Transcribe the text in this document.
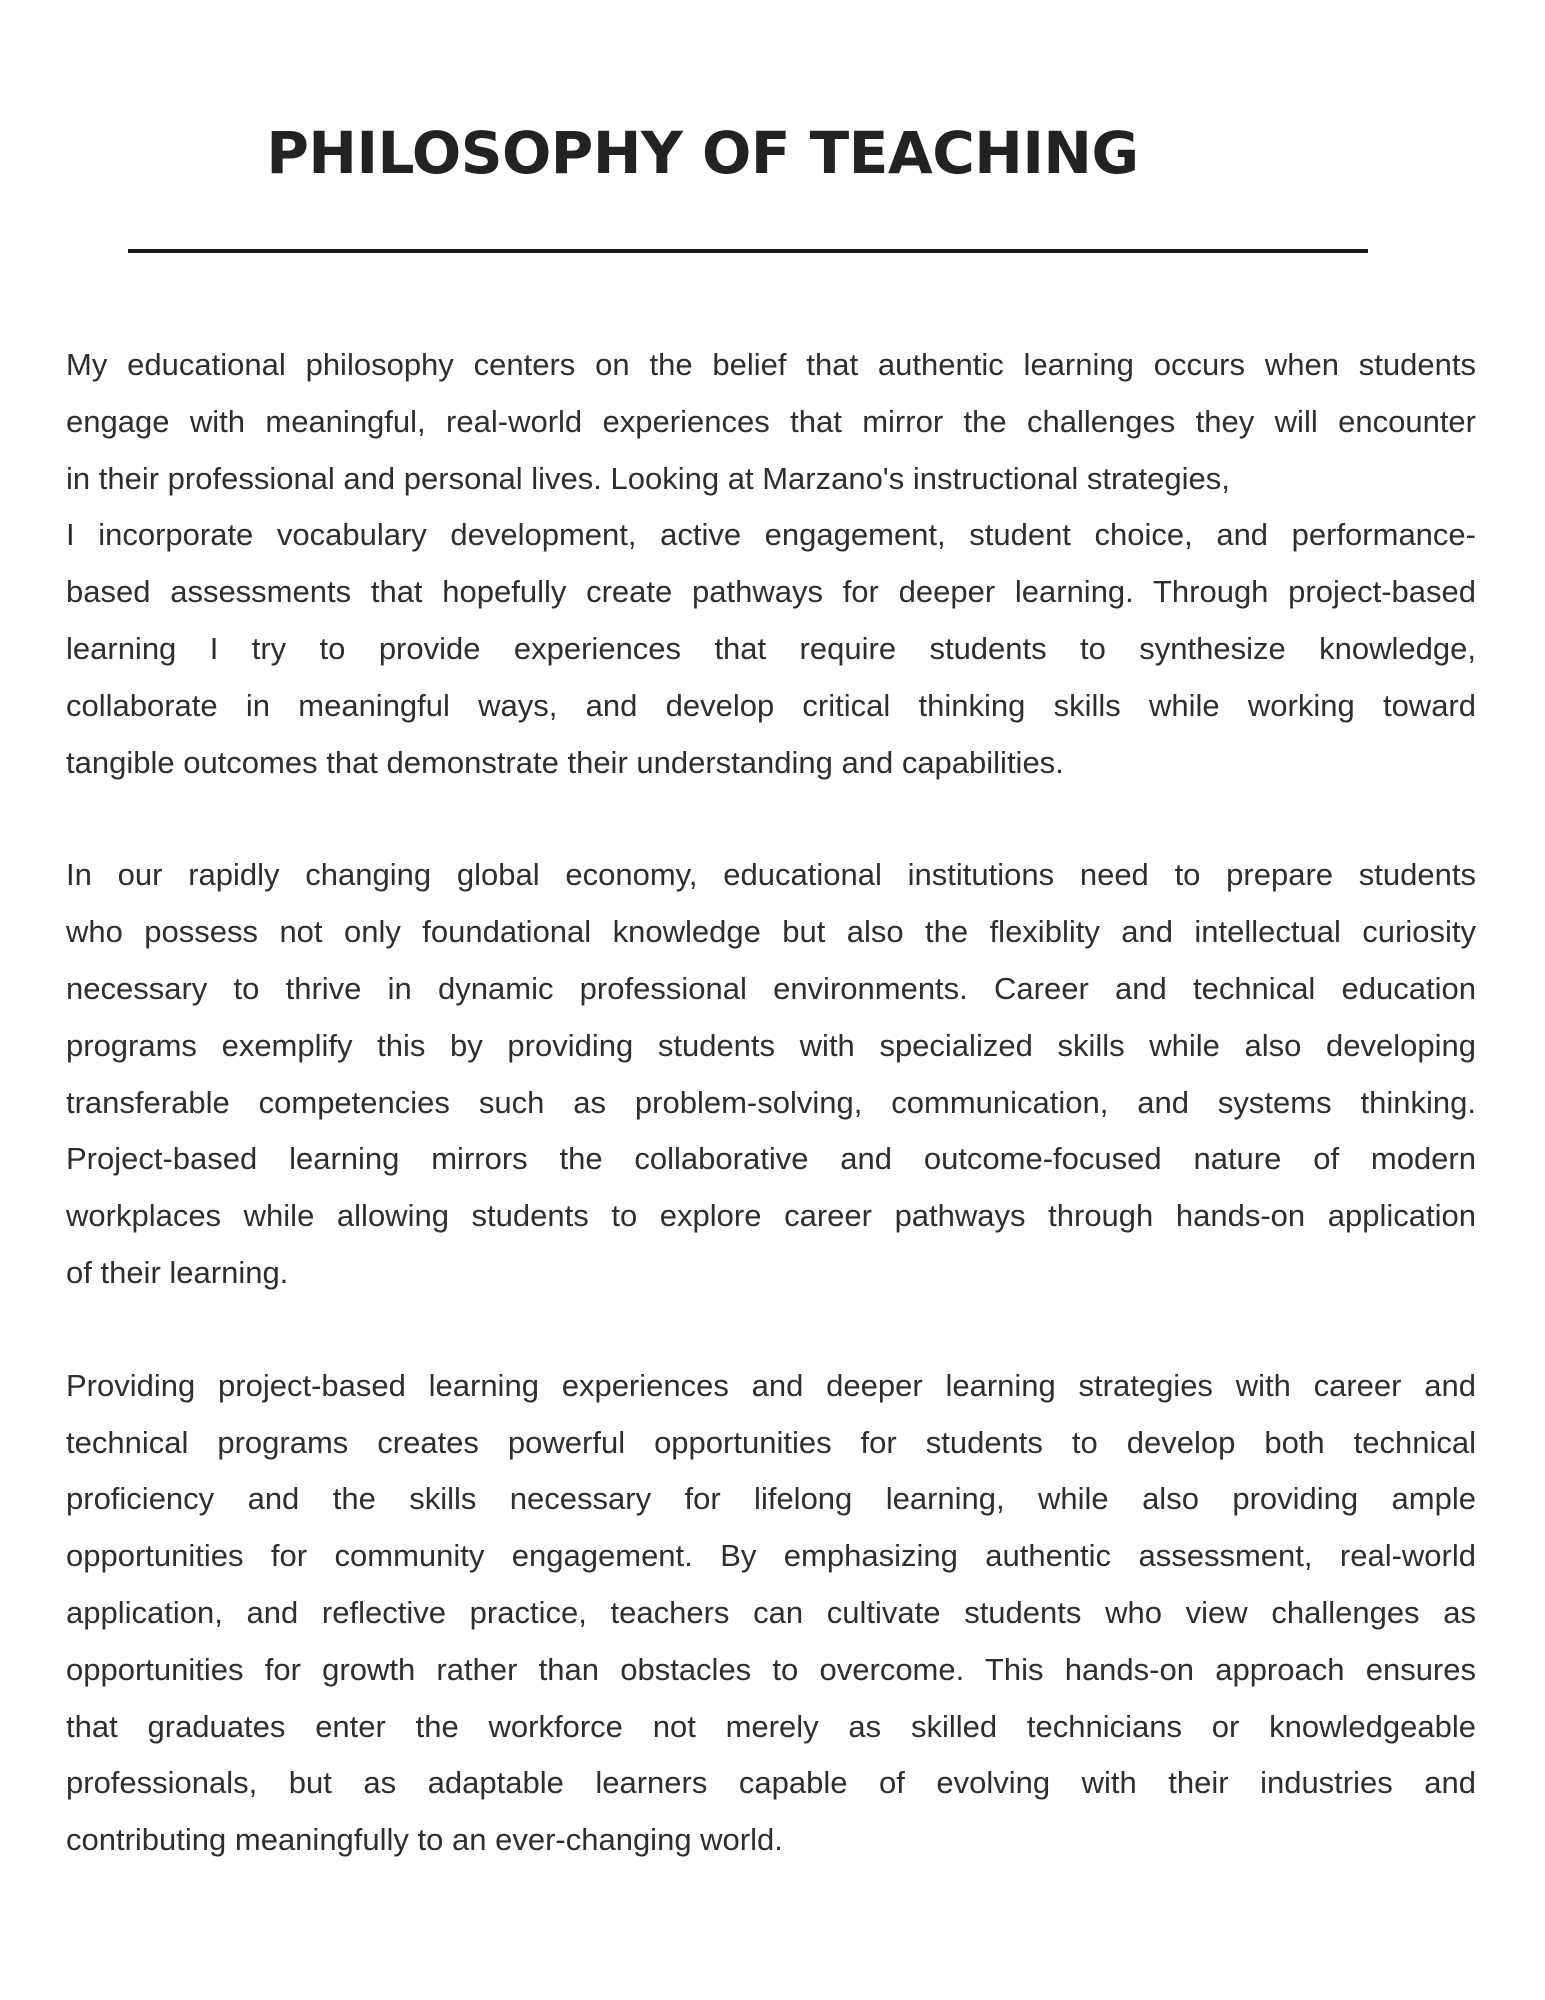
PHILOSOPHY OF TEACHING

My educational philosophy centers on the belief that authentic learning occurs when students
engage with meaningful, real-world experiences that mirror the challenges they will encounter
in their professional and personal lives. Looking at Marzano's instructional strategies,
I incorporate vocabulary development, active engagement, student choice, and performance-
based assessments that hopefully create pathways for deeper learning. Through project-based
learning I try to provide experiences that require students to synthesize knowledge,
collaborate in meaningful ways, and develop critical thinking skills while working toward
tangible outcomes that demonstrate their understanding and capabilities.

In our rapidly changing global economy, educational institutions need to prepare students
who possess not only foundational knowledge but also the flexiblity and intellectual curiosity
necessary to thrive in dynamic professional environments. Career and technical education
programs exemplify this by providing students with specialized skills while also developing
transferable competencies such as problem-solving, communication, and systems thinking.
Project-based learning mirrors the collaborative and outcome-focused nature of modern
workplaces while allowing students to explore career pathways through hands-on application
of their learning.

Providing project-based learning experiences and deeper learning strategies with career and
technical programs creates powerful opportunities for students to develop both technical
proficiency and the skills necessary for lifelong learning, while also providing ample
opportunities for community engagement. By emphasizing authentic assessment, real-world
application, and reflective practice, teachers can cultivate students who view challenges as
opportunities for growth rather than obstacles to overcome. This hands-on approach ensures
that graduates enter the workforce not merely as skilled technicians or knowledgeable
professionals, but as adaptable learners capable of evolving with their industries and
contributing meaningfully to an ever-changing world.
